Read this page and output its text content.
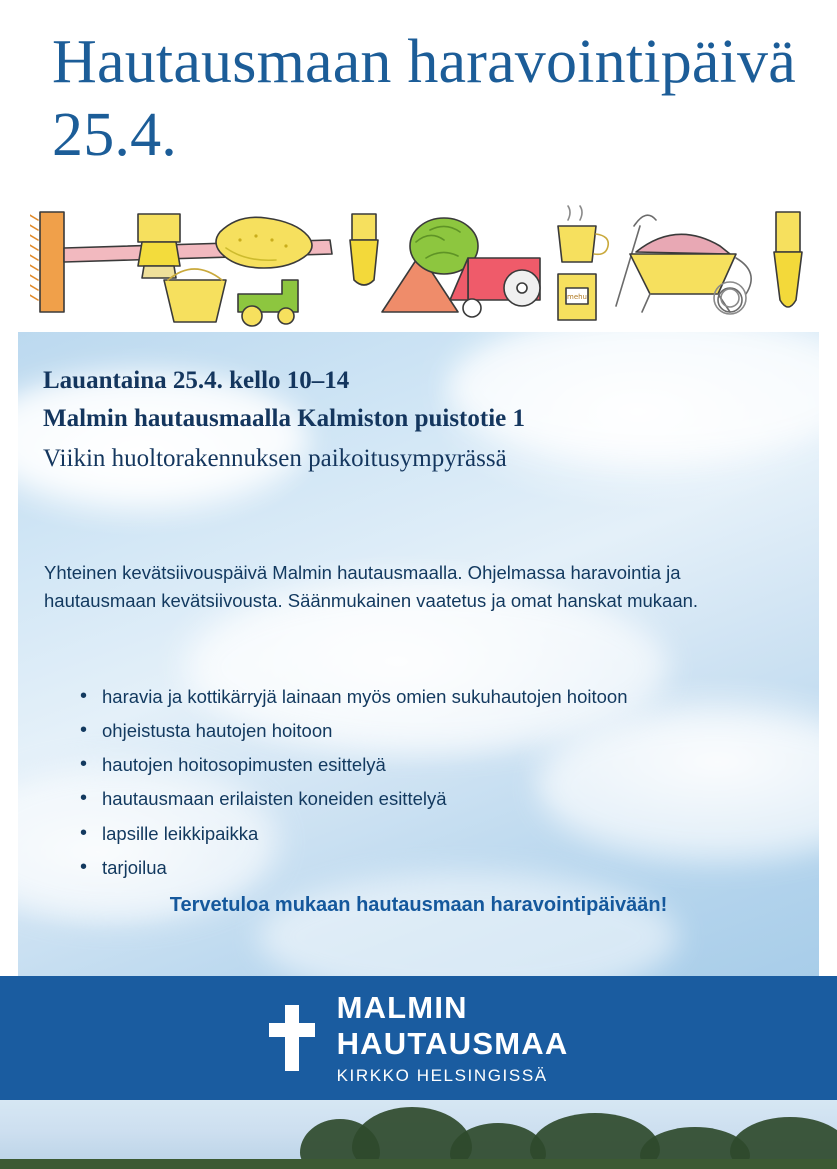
Hautausmaan haravointipäivä 25.4.
mehu
Lauantaina 25.4. kello 10–14
Malmin hautausmaalla Kalmiston puistotie 1
Viikin huoltorakennuksen paikoitusympyrässä
Yhteinen kevätsiivouspäivä Malmin hautausmaalla. Ohjelmassa haravointia ja hautausmaan kevätsiivousta. Säänmukainen vaatetus ja omat hanskat mukaan.
• haravia ja kottikärryjä lainaan myös omien sukuhautojen hoitoon
• ohjeistusta hautojen hoitoon
• hautojen hoitosopimusten esittelyä
• hautausmaan erilaisten koneiden esittelyä
• lapsille leikkipaikka
• tarjoilua
Tervetuloa mukaan hautausmaan haravointipäivään!
MALMIN
HAUTAUSMAA
KIRKKO HELSINGISSÄ
